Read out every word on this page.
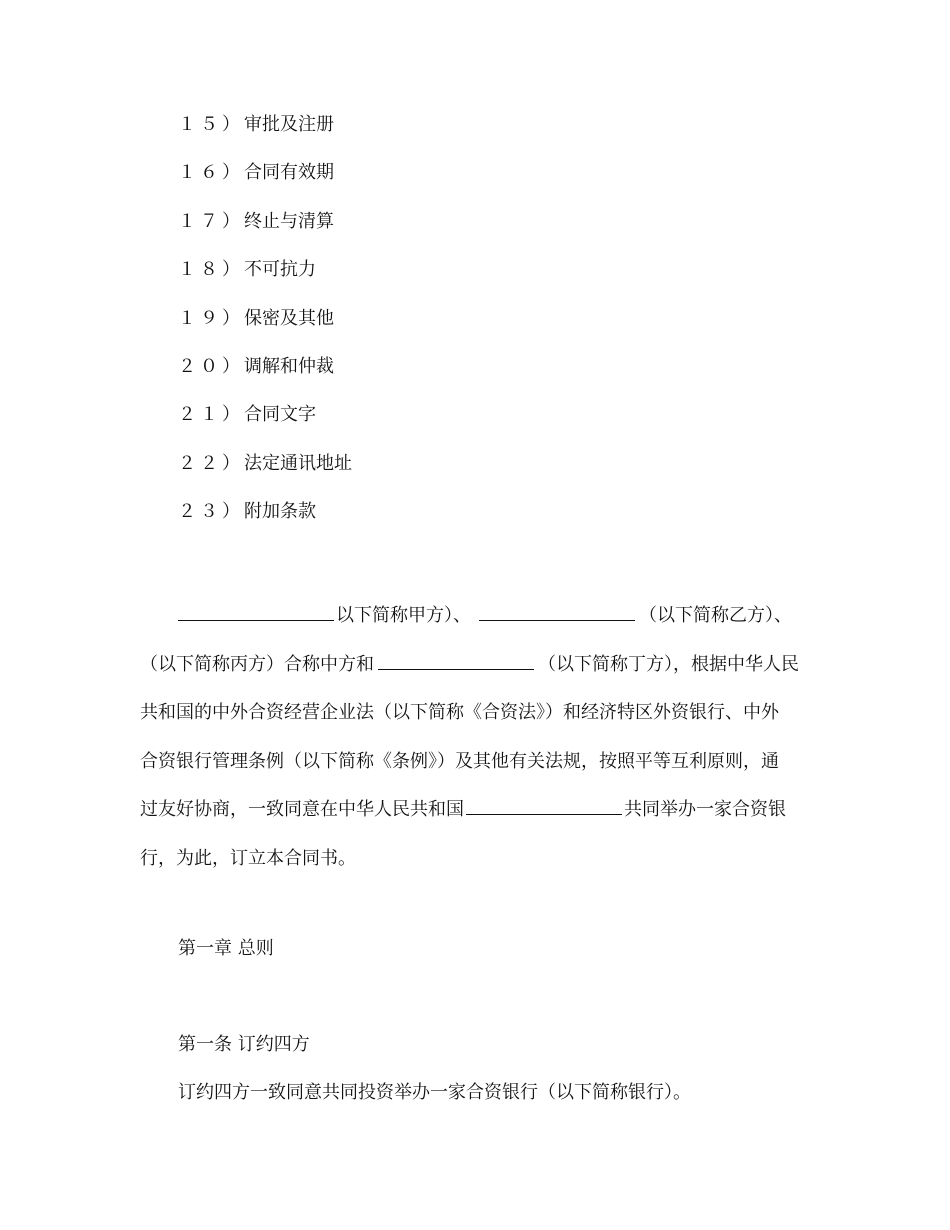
１５）审批及注册
１６）合同有效期
１７）终止与清算
１８）不可抗力
１９）保密及其他
２０）调解和仲裁
２１）合同文字
２２）法定通讯地址
２３）附加条款
以下简称甲方）、	（以下简称乙方）、
（以下简称丙方）合称中方和	（以下简称丁方），根据中华人民
共和国的中外合资经营企业法（以下简称《合资法》）和经济特区外资银行、中外
合资银行管理条例（以下简称《条例》）及其他有关法规，按照平等互利原则，通
过友好协商，一致同意在中华人民共和国	共同举办一家合资银
行，为此，订立本合同书。
第一章 总则
第一条 订约四方
订约四方一致同意共同投资举办一家合资银行（以下简称银行）。
